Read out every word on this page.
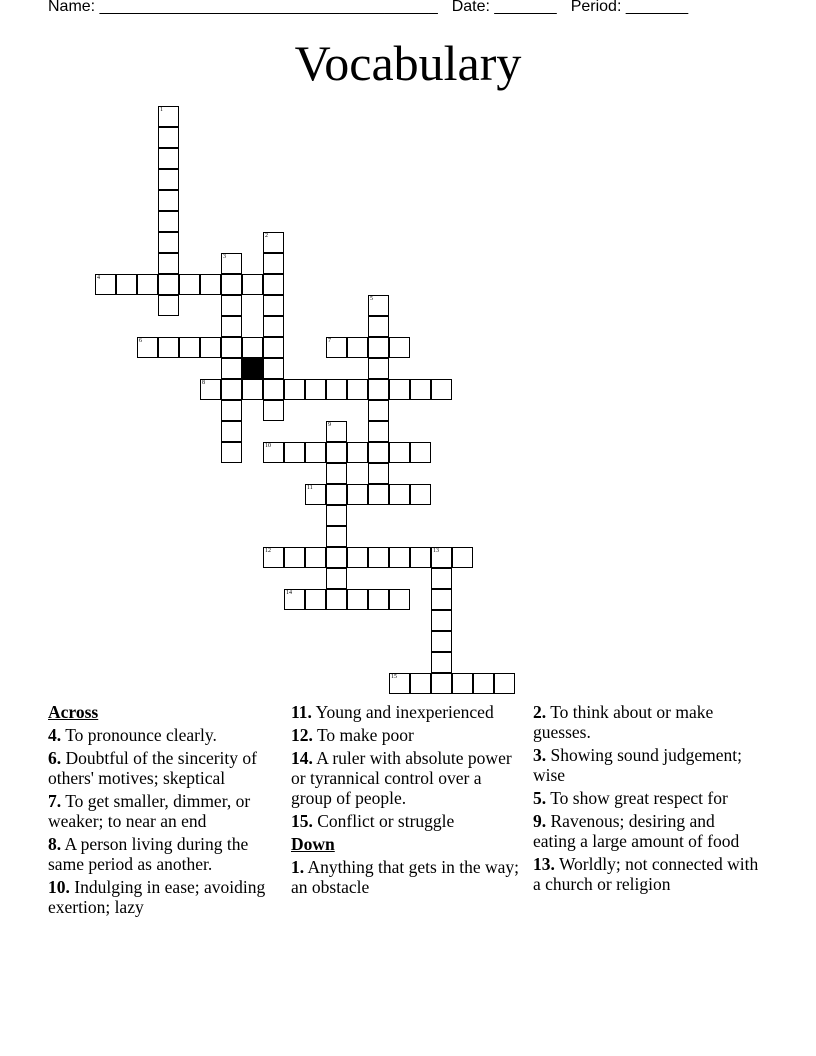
Name: ______________________________________ Date: _______ Period: _______
Vocabulary
1
2
3
4
5
6	7
8
9
10
11
12	13
14
15
Across
4. To pronounce clearly.
6. Doubtful of the sincerity of others' motives; skeptical
7. To get smaller, dimmer, or weaker; to near an end
8. A person living during the same period as another.
10. Indulging in ease; avoiding exertion; lazy
11. Young and inexperienced
12. To make poor
14. A ruler with absolute power or tyrannical control over a group of people.
15. Conflict or struggle
Down
1. Anything that gets in the way; an obstacle
2. To think about or make guesses.
3. Showing sound judgement; wise
5. To show great respect for
9. Ravenous; desiring and eating a large amount of food
13. Worldly; not connected with a church or religion
